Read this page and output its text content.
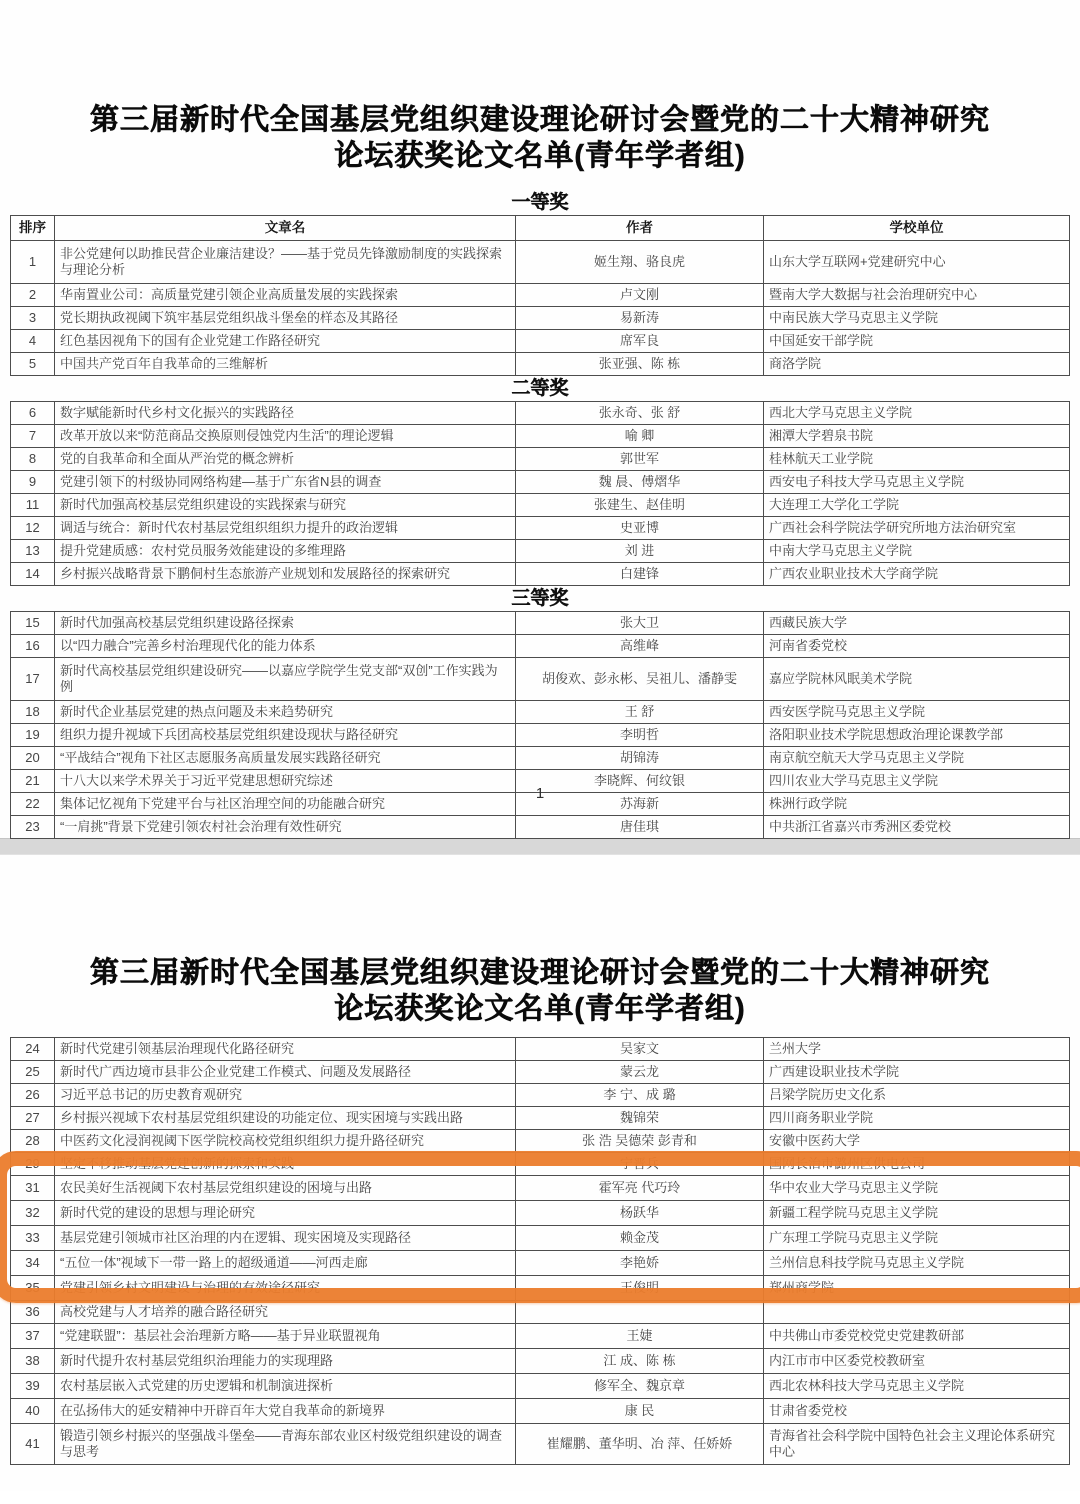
第三届新时代全国基层党组织建设理论研讨会暨党的二十大精神研究
论坛获奖论文名单(青年学者组)
一等奖
排序	文章名	作者	学校单位
1	非公党建何以助推民营企业廉洁建设？——基于党员先锋激励制度的实践探索与理论分析	姬生翔、骆良虎	山东大学互联网+党建研究中心
2	华南置业公司：高质量党建引领企业高质量发展的实践探索	卢文刚	暨南大学大数据与社会治理研究中心
3	党长期执政视阈下筑牢基层党组织战斗堡垒的样态及其路径	易新涛	中南民族大学马克思主义学院
4	红色基因视角下的国有企业党建工作路径研究	席军良	中国延安干部学院
5	中国共产党百年自我革命的三维解析	张亚强、陈 栋	商洛学院
二等奖
6	数字赋能新时代乡村文化振兴的实践路径	张永奇、张 舒	西北大学马克思主义学院
7	改革开放以来“防范商品交换原则侵蚀党内生活”的理论逻辑	喻 卿	湘潭大学碧泉书院
8	党的自我革命和全面从严治党的概念辨析	郭世军	桂林航天工业学院
9	党建引领下的村级协同网络构建—基于广东省N县的调查	魏 晨、傅熠华	西安电子科技大学马克思主义学院
11	新时代加强高校基层党组织建设的实践探索与研究	张建生、赵佳明	大连理工大学化工学院
12	调适与统合：新时代农村基层党组织组织力提升的政治逻辑	史亚博	广西社会科学院法学研究所地方法治研究室
13	提升党建质感：农村党员服务效能建设的多维理路	刘 进	中南大学马克思主义学院
14	乡村振兴战略背景下鹏侗村生态旅游产业规划和发展路径的探索研究	白建锋	广西农业职业技术大学商学院
三等奖
15	新时代加强高校基层党组织建设路径探索	张大卫	西藏民族大学
16	以“四力融合”完善乡村治理现代化的能力体系	高维峰	河南省委党校
17	新时代高校基层党组织建设研究——以嘉应学院学生党支部“双创”工作实践为例	胡俊欢、彭永彬、吴祖儿、潘静雯	嘉应学院林风眠美术学院
18	新时代企业基层党建的热点问题及未来趋势研究	王 舒	西安医学院马克思主义学院
19	组织力提升视域下兵团高校基层党组织建设现状与路径研究	李明哲	洛阳职业技术学院思想政治理论课教学部
20	“平战结合”视角下社区志愿服务高质量发展实践路径研究	胡锦涛	南京航空航天大学马克思主义学院
21	十八大以来学术界关于习近平党建思想研究综述	李晓辉、何纹银	四川农业大学马克思主义学院
22	集体记忆视角下党建平台与社区治理空间的功能融合研究	苏海新	株洲行政学院
23	“一肩挑”背景下党建引领农村社会治理有效性研究	唐佳琪	中共浙江省嘉兴市秀洲区委党校
1
第三届新时代全国基层党组织建设理论研讨会暨党的二十大精神研究
论坛获奖论文名单(青年学者组)
24	新时代党建引领基层治理现代化路径研究	吴家文	兰州大学
25	新时代广西边境市县非公企业党建工作模式、问题及发展路径	蒙云龙	广西建设职业技术学院
26	习近平总书记的历史教育观研究	李 宁、成 璐	吕梁学院历史文化系
27	乡村振兴视域下农村基层党组织建设的功能定位、现实困境与实践出路	魏锦荣	四川商务职业学院
28	中医药文化浸润视阈下医学院校高校党组织组织力提升路径研究	张 浩 吴德荣 彭青和	安徽中医药大学
29	坚定不移推动基层党建创新的探索和实践	宁晋兵	国网长治市潞州区供电公司
31	农民美好生活视阈下农村基层党组织建设的困境与出路	霍军亮 代巧玲	华中农业大学马克思主义学院
32	新时代党的建设的思想与理论研究	杨跃华	新疆工程学院马克思主义学院
33	基层党建引领城市社区治理的内在逻辑、现实困境及实现路径	赖金茂	广东理工学院马克思主义学院
34	“五位一体”视域下一带一路上的超级通道——河西走廊	李艳娇	兰州信息科技学院马克思主义学院
35	党建引领乡村文明建设与治理的有效途径研究	王俊明	郑州商学院
36	高校党建与人才培养的融合路径研究		
37	“党建联盟”：基层社会治理新方略——基于异业联盟视角	王婕	中共佛山市委党校党史党建教研部
38	新时代提升农村基层党组织治理能力的实现理路	江 成、陈 栋	内江市市中区委党校教研室
39	农村基层嵌入式党建的历史逻辑和机制演进探析	修军全、魏京章	西北农林科技大学马克思主义学院
40	在弘扬伟大的延安精神中开辟百年大党自我革命的新境界	康 民	甘肃省委党校
41	锻造引领乡村振兴的坚强战斗堡垒——青海东部农业区村级党组织建设的调查与思考	崔耀鹏、董华明、冶 萍、任娇娇	青海省社会科学院中国特色社会主义理论体系研究中心
